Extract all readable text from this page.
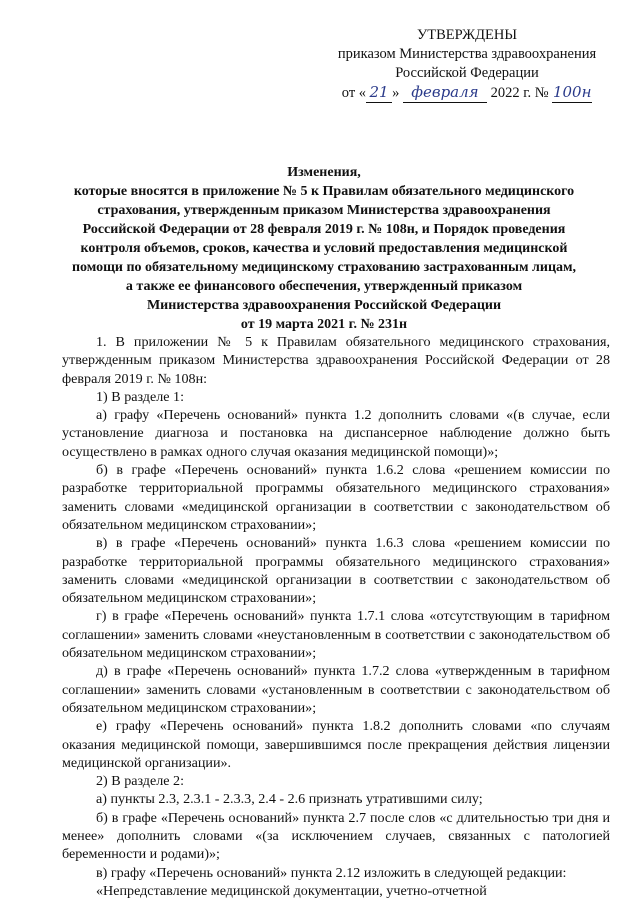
УТВЕРЖДЕНЫ
приказом Министерства здравоохранения
Российской Федерации
от « 21 » февраля 2022 г. № 100н
Изменения,
которые вносятся в приложение № 5 к Правилам обязательного медицинского
страхования, утвержденным приказом Министерства здравоохранения
Российской Федерации от 28 февраля 2019 г. № 108н, и Порядок проведения
контроля объемов, сроков, качества и условий предоставления медицинской
помощи по обязательному медицинскому страхованию застрахованным лицам,
а также ее финансового обеспечения, утвержденный приказом
Министерства здравоохранения Российской Федерации
от 19 марта 2021 г. № 231н

1. В приложении № 5 к Правилам обязательного медицинского страхования, утвержденным приказом Министерства здравоохранения Российской Федерации от 28 февраля 2019 г. № 108н:

1) В разделе 1:

а) графу «Перечень оснований» пункта 1.2 дополнить словами «(в случае, если установление диагноза и постановка на диспансерное наблюдение должно быть осуществлено в рамках одного случая оказания медицинской помощи)»;

б) в графе «Перечень оснований» пункта 1.6.2 слова «решением комиссии по разработке территориальной программы обязательного медицинского страхования» заменить словами «медицинской организации в соответствии с законодательством об обязательном медицинском страховании»;

в) в графе «Перечень оснований» пункта 1.6.3 слова «решением комиссии по разработке территориальной программы обязательного медицинского страхования» заменить словами «медицинской организации в соответствии с законодательством об обязательном медицинском страховании»;

г) в графе «Перечень оснований» пункта 1.7.1 слова «отсутствующим в тарифном соглашении» заменить словами «неустановленным в соответствии с законодательством об обязательном медицинском страховании»;

д) в графе «Перечень оснований» пункта 1.7.2 слова «утвержденным в тарифном соглашении» заменить словами «установленным в соответствии с законодательством об обязательном медицинском страховании»;

е) графу «Перечень оснований» пункта 1.8.2 дополнить словами «по случаям оказания медицинской помощи, завершившимся после прекращения действия лицензии медицинской организации».

2) В разделе 2:

а) пункты 2.3, 2.3.1 - 2.3.3, 2.4 - 2.6 признать утратившими силу;

б) в графе «Перечень оснований» пункта 2.7 после слов «с длительностью три дня и менее» дополнить словами «(за исключением случаев, связанных с патологией беременности и родами)»;

в) графу «Перечень оснований» пункта 2.12 изложить в следующей редакции:

«Непредставление медицинской документации, учетно-отчетной
